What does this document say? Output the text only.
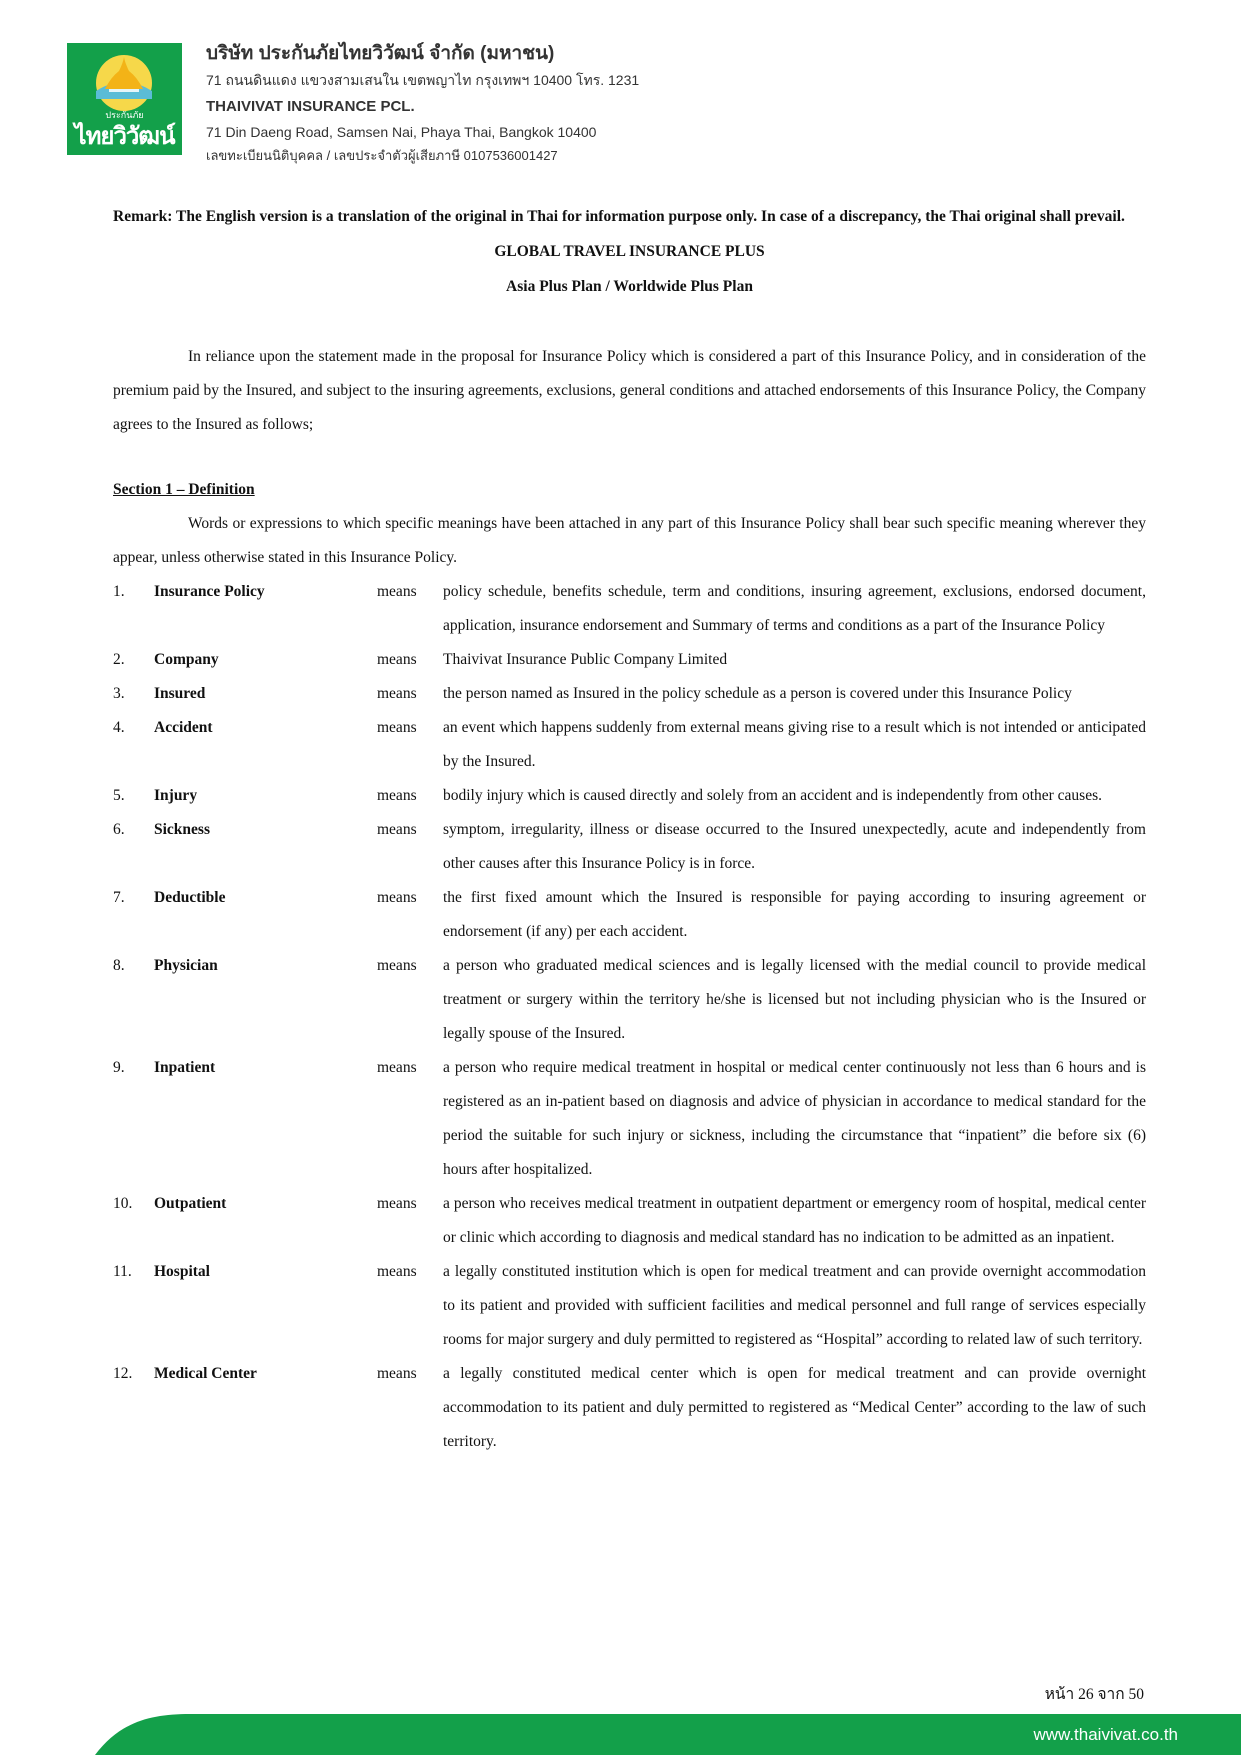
ประกันภัย
ไทยวิวัฒน์
บริษัท ประกันภัยไทยวิวัฒน์ จำกัด (มหาชน)
71 ถนนดินแดง แขวงสามเสนใน เขตพญาไท กรุงเทพฯ 10400 โทร. 1231
THAIVIVAT INSURANCE PCL.
71 Din Daeng Road, Samsen Nai, Phaya Thai, Bangkok 10400
เลขทะเบียนนิติบุคคล / เลขประจำตัวผู้เสียภาษี 0107536001427

Remark: The English version is a translation of the original in Thai for information purpose only. In case of a discrepancy, the Thai original shall prevail.

GLOBAL TRAVEL INSURANCE PLUS

Asia Plus Plan / Worldwide Plus Plan

In reliance upon the statement made in the proposal for Insurance Policy which is considered a part of this Insurance Policy, and in consideration of the premium paid by the Insured, and subject to the insuring agreements, exclusions, general conditions and attached endorsements of this Insurance Policy, the Company agrees to the Insured as follows;

Section 1 – Definition

Words or expressions to which specific meanings have been attached in any part of this Insurance Policy shall bear such specific meaning wherever they appear, unless otherwise stated in this Insurance Policy.

1.	Insurance Policy	means	policy schedule, benefits schedule, term and conditions, insuring agreement, exclusions, endorsed document, application, insurance endorsement and Summary of terms and conditions as a part of the Insurance Policy
2.	Company	means	Thaivivat Insurance Public Company Limited
3.	Insured	means	the person named as Insured in the policy schedule as a person is covered under this Insurance Policy
4.	Accident	means	an event which happens suddenly from external means giving rise to a result which is not intended or anticipated by the Insured.
5.	Injury	means	bodily injury which is caused directly and solely from an accident and is independently from other causes.
6.	Sickness	means	symptom, irregularity, illness or disease occurred to the Insured unexpectedly, acute and independently from other causes after this Insurance Policy is in force.
7.	Deductible	means	the first fixed amount which the Insured is responsible for paying according to insuring agreement or endorsement (if any) per each accident.
8.	Physician	means	a person who graduated medical sciences and is legally licensed with the medial council to provide medical treatment or surgery within the territory he/she is licensed but not including physician who is the Insured or legally spouse of the Insured.
9.	Inpatient	means	a person who require medical treatment in hospital or medical center continuously not less than 6 hours and is registered as an in-patient based on diagnosis and advice of physician in accordance to medical standard for the period the suitable for such injury or sickness, including the circumstance that “inpatient” die before six (6) hours after hospitalized.
10.	Outpatient	means	a person who receives medical treatment in outpatient department or emergency room of hospital, medical center or clinic which according to diagnosis and medical standard has no indication to be admitted as an inpatient.
11.	Hospital	means	a legally constituted institution which is open for medical treatment and can provide overnight accommodation to its patient and provided with sufficient facilities and medical personnel and full range of services especially rooms for major surgery and duly permitted to registered as “Hospital” according to related law of such territory.
12.	Medical Center	means	a legally constituted medical center which is open for medical treatment and can provide overnight accommodation to its patient and duly permitted to registered as “Medical Center” according to the law of such territory.
หน้า 26 จาก 50
www.thaivivat.co.th
